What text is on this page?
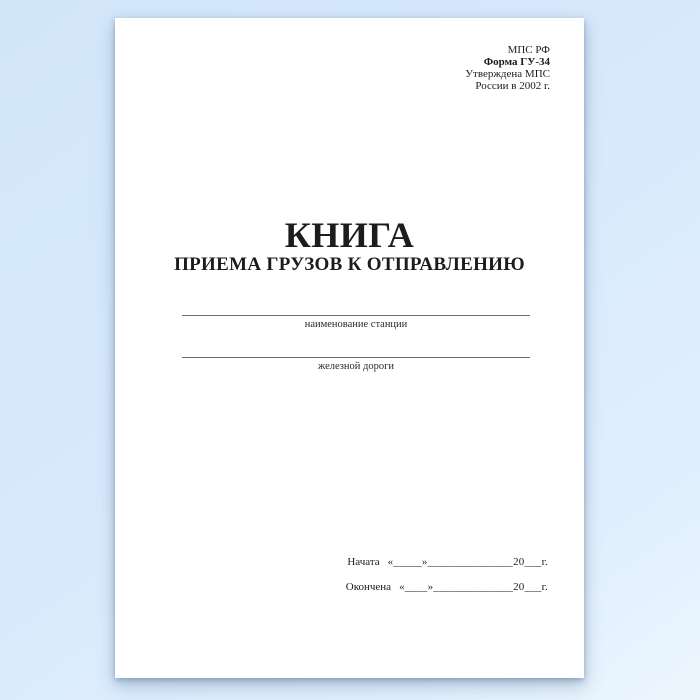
МПС РФ
Форма ГУ-34
Утверждена МПС
России в 2002 г.
КНИГА
ПРИЕМА ГРУЗОВ К ОТПРАВЛЕНИЮ
наименование станции
железной дороги
Начата «_____»_______________20___г.
Окончена «____»______________20___г.
